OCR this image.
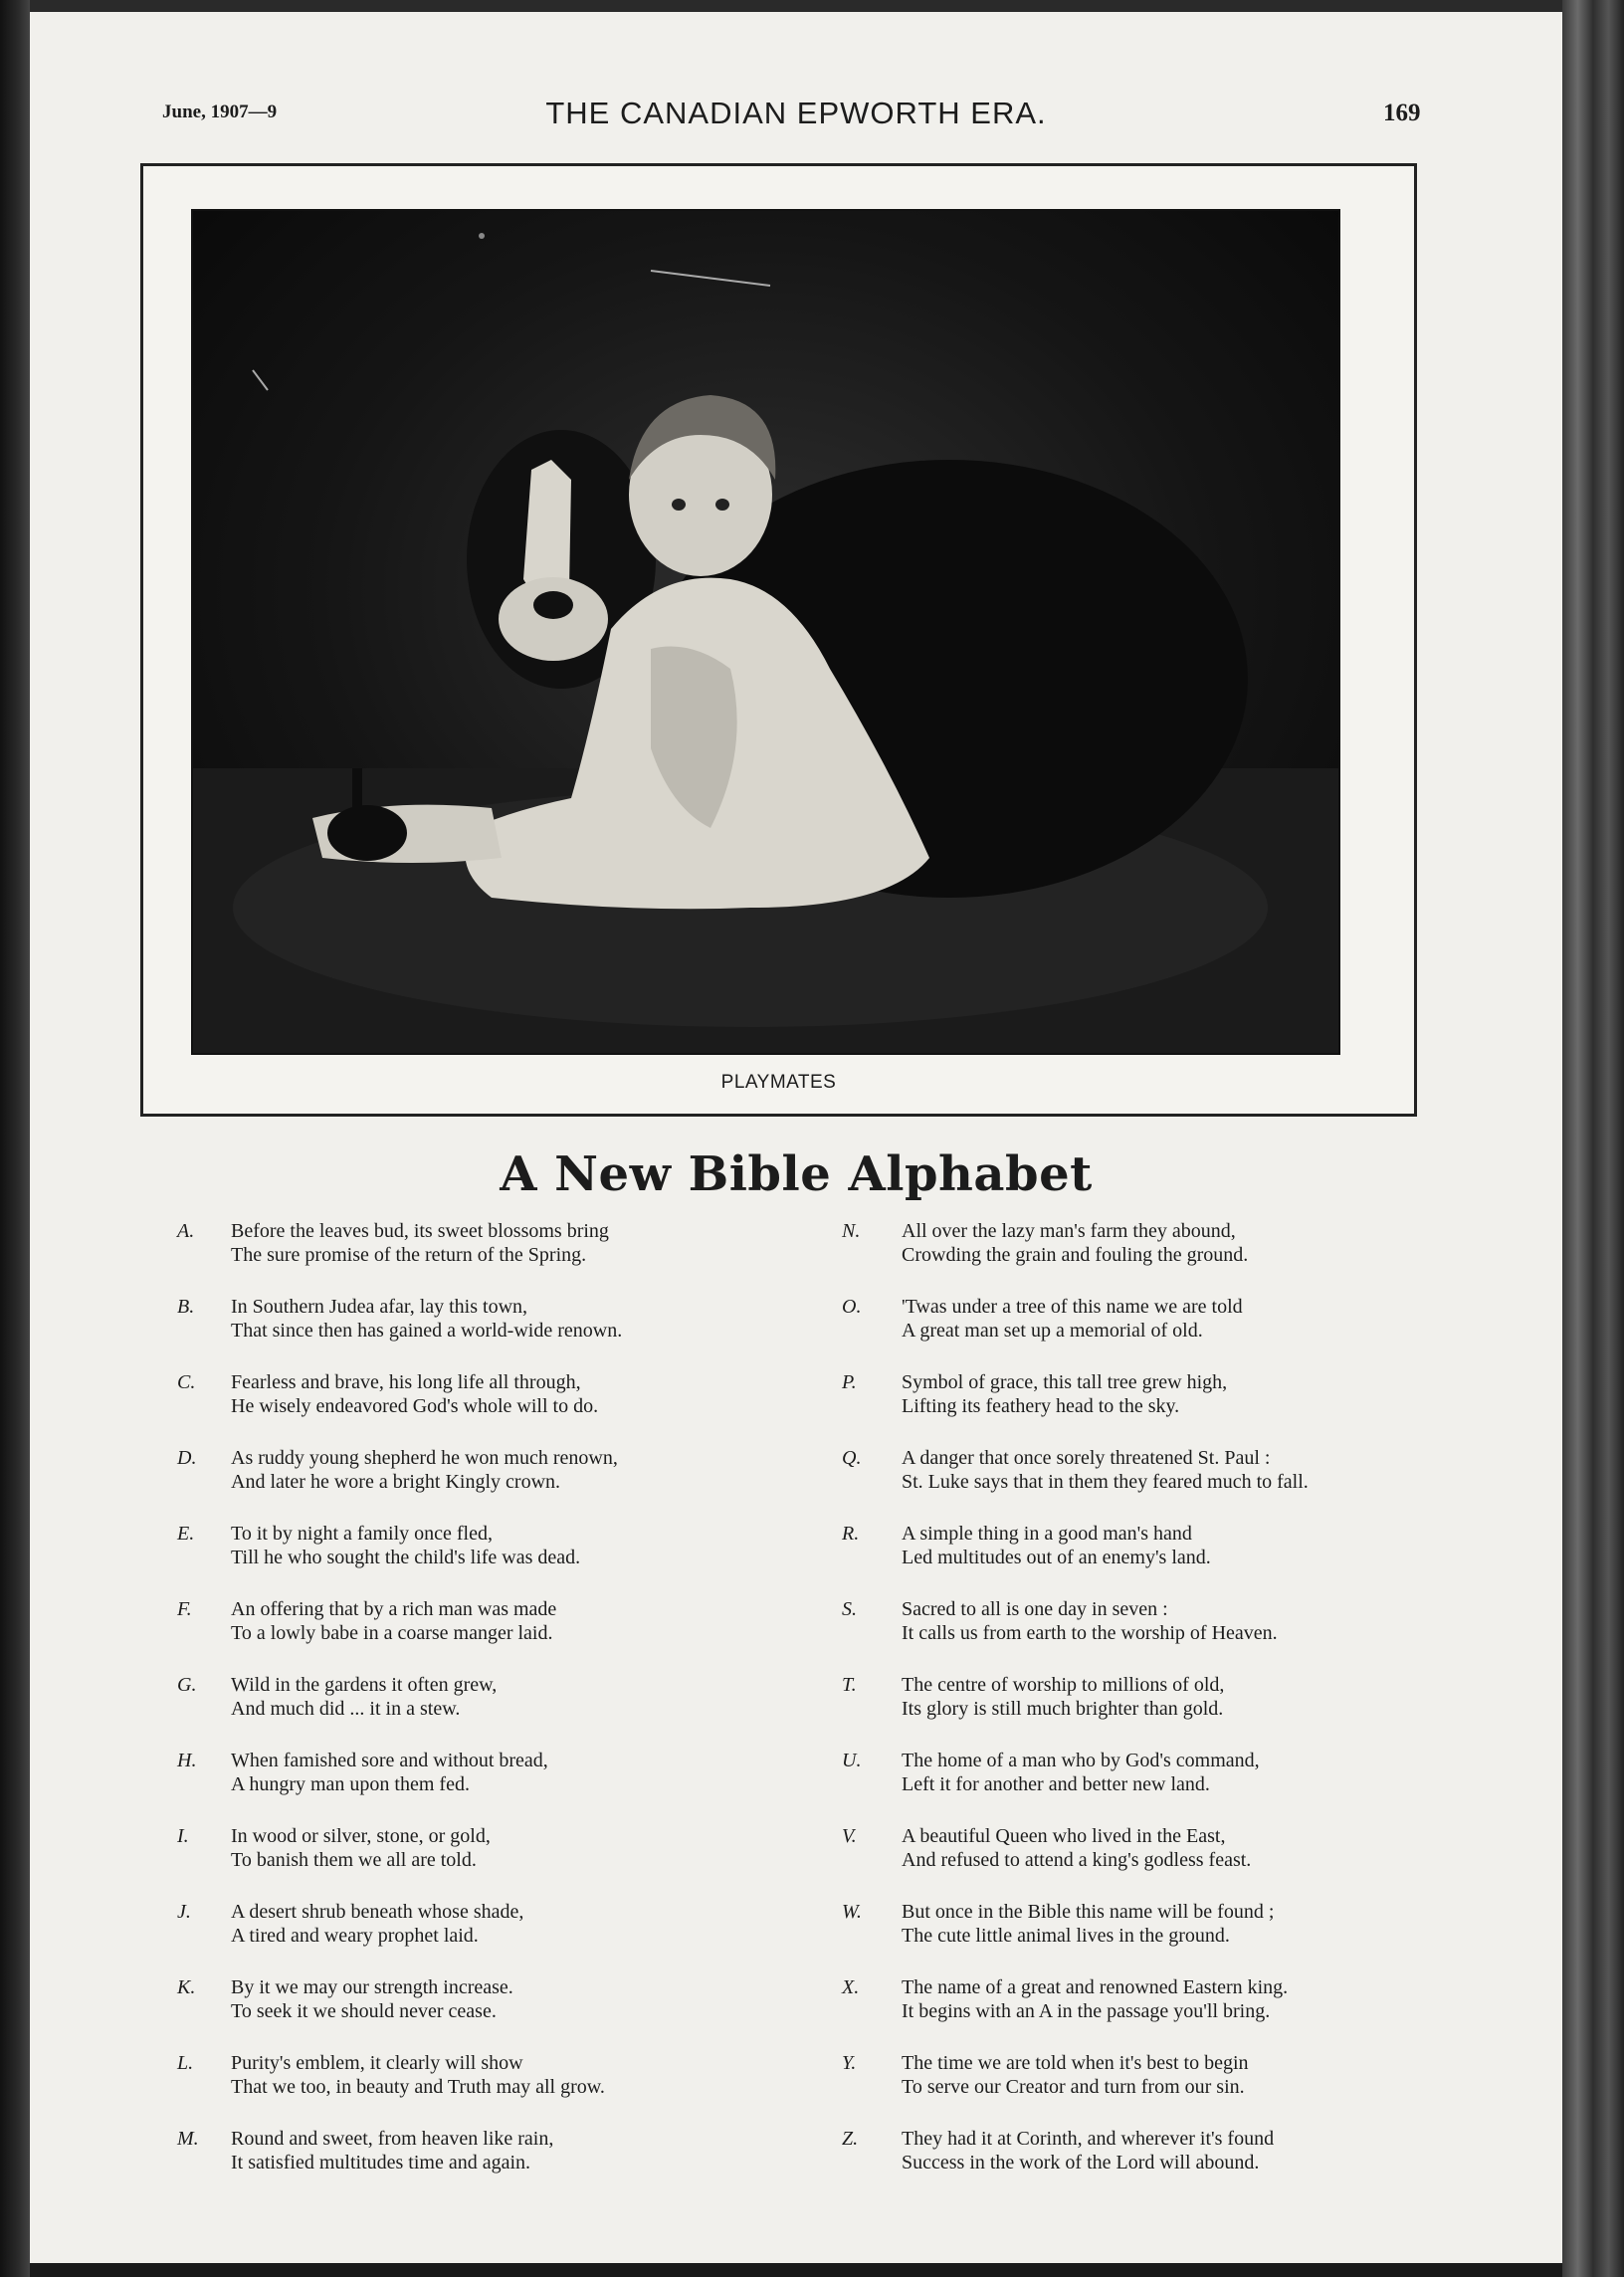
June, 1907—9	THE CANADIAN EPWORTH ERA.	169
PLAYMATES
A New Bible Alphabet
A.	Before the leaves bud, its sweet blossoms bring
The sure promise of the return of the Spring.
B.	In Southern Judea afar, lay this town,
That since then has gained a world-wide renown.
C.	Fearless and brave, his long life all through,
He wisely endeavored God's whole will to do.
D.	As ruddy young shepherd he won much renown,
And later he wore a bright Kingly crown.
E.	To it by night a family once fled,
Till he who sought the child's life was dead.
F.	An offering that by a rich man was made
To a lowly babe in a coarse manger laid.
G.	Wild in the gardens it often grew,
And much did ... it in a stew.
H.	When famished sore and without bread,
A hungry man upon them fed.
I.	In wood or silver, stone, or gold,
To banish them we all are told.
J.	A desert shrub beneath whose shade,
A tired and weary prophet laid.
K.	By it we may our strength increase.
To seek it we should never cease.
L.	Purity's emblem, it clearly will show
That we too, in beauty and Truth may all grow.
M.	Round and sweet, from heaven like rain,
It satisfied multitudes time and again.
N.	All over the lazy man's farm they abound,
Crowding the grain and fouling the ground.
O.	'Twas under a tree of this name we are told
A great man set up a memorial of old.
P.	Symbol of grace, this tall tree grew high,
Lifting its feathery head to the sky.
Q.	A danger that once sorely threatened St. Paul :
St. Luke says that in them they feared much to fall.
R.	A simple thing in a good man's hand
Led multitudes out of an enemy's land.
S.	Sacred to all is one day in seven :
It calls us from earth to the worship of Heaven.
T.	The centre of worship to millions of old,
Its glory is still much brighter than gold.
U.	The home of a man who by God's command,
Left it for another and better new land.
V.	A beautiful Queen who lived in the East,
And refused to attend a king's godless feast.
W.	But once in the Bible this name will be found ;
The cute little animal lives in the ground.
X.	The name of a great and renowned Eastern king.
It begins with an A in the passage you'll bring.
Y.	The time we are told when it's best to begin
To serve our Creator and turn from our sin.
Z.	They had it at Corinth, and wherever it's found
Success in the work of the Lord will abound.
